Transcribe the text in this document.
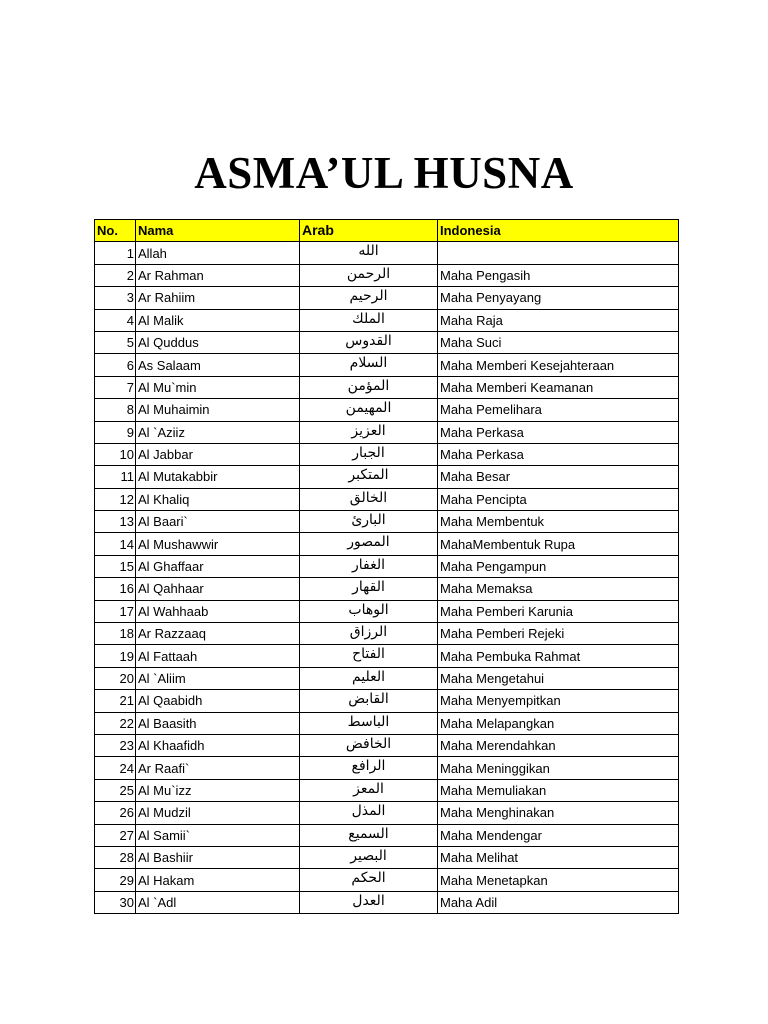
ASMA’UL HUSNA
No.	Nama	Arab	Indonesia
1	Allah	الله	
2	Ar Rahman	الرحمن	Maha Pengasih
3	Ar Rahiim	الرحيم	Maha Penyayang
4	Al Malik	الملك	Maha Raja
5	Al Quddus	القدوس	Maha Suci
6	As Salaam	السلام	Maha Memberi Kesejahteraan
7	Al Mu`min	المؤمن	Maha Memberi Keamanan
8	Al Muhaimin	المهيمن	Maha Pemelihara
9	Al `Aziiz	العزيز	Maha Perkasa
10	Al Jabbar	الجبار	Maha Perkasa
11	Al Mutakabbir	المتكبر	Maha Besar
12	Al Khaliq	الخالق	Maha Pencipta
13	Al Baari`	البارئ	Maha Membentuk
14	Al Mushawwir	المصور	MahaMembentuk Rupa
15	Al Ghaffaar	الغفار	Maha Pengampun
16	Al Qahhaar	القهار	Maha Memaksa
17	Al Wahhaab	الوهاب	Maha Pemberi Karunia
18	Ar Razzaaq	الرزاق	Maha Pemberi Rejeki
19	Al Fattaah	الفتاح	Maha Pembuka Rahmat
20	Al `Aliim	العليم	Maha Mengetahui
21	Al Qaabidh	القابض	Maha Menyempitkan
22	Al Baasith	الباسط	Maha Melapangkan
23	Al Khaafidh	الخافض	Maha Merendahkan
24	Ar Raafi`	الرافع	Maha Meninggikan
25	Al Mu`izz	المعز	Maha Memuliakan
26	Al Mudzil	المذل	Maha Menghinakan
27	Al Samii`	السميع	Maha Mendengar
28	Al Bashiir	البصير	Maha Melihat
29	Al Hakam	الحكم	Maha Menetapkan
30	Al `Adl	العدل	Maha Adil
